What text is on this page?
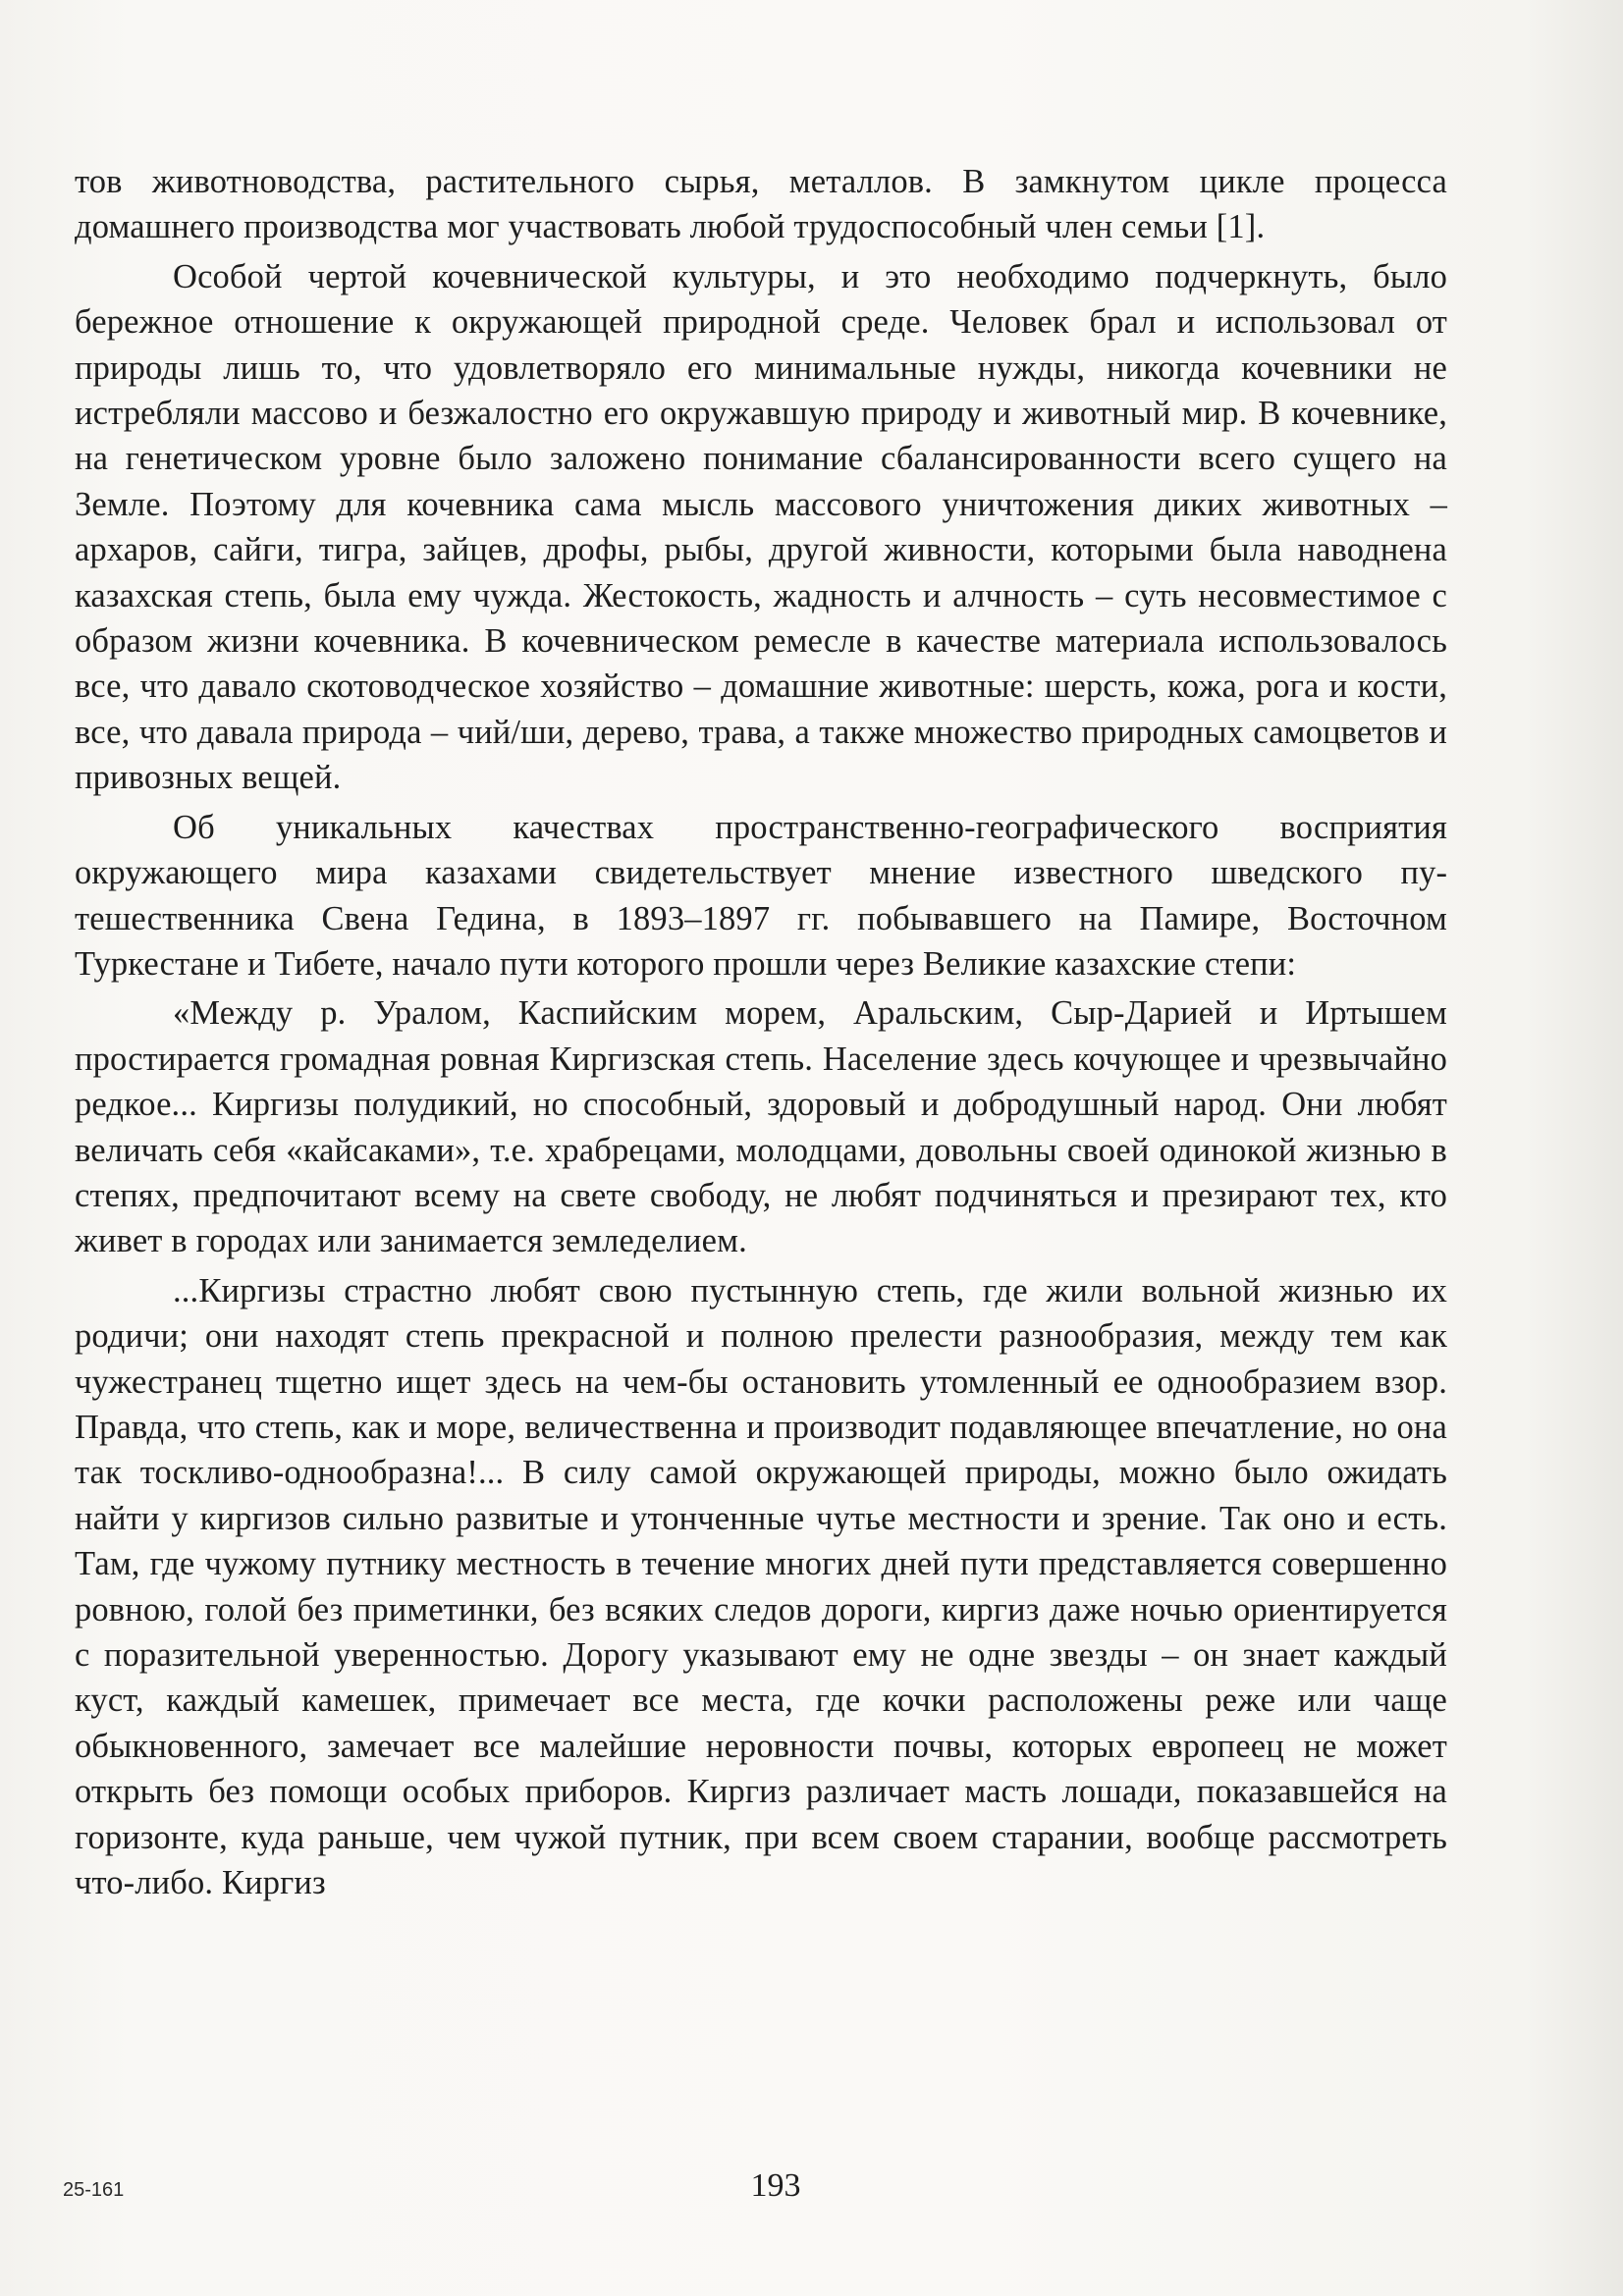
тов животноводства, растительного сырья, металлов. В замкнутом цикле процесса домашнего производства мог участвовать любой трудоспособный член семьи [1].

Особой чертой кочевнической культуры, и это необходимо подчеркнуть, было бережное отношение к окружающей природной среде. Человек брал и использовал от природы лишь то, что удовлетворяло его минимальные нужды, никогда кочевники не истребляли массово и безжалостно его окружавшую природу и животный мир. В кочевнике, на генетическом уровне было заложено понимание сбалансированности всего сущего на Земле. Поэтому для кочевника сама мысль массового уничтожения диких животных – архаров, сайги, тигра, зайцев, дрофы, рыбы, другой живности, которыми была наводнена казахская степь, была ему чужда. Жестокость, жадность и алчность – суть несовместимое с образом жизни кочевника. В кочевническом ремесле в качестве материала использовалось все, что давало скотоводческое хозяйство – домашние животные: шерсть, кожа, рога и кости, все, что давала природа – чий/ши, дерево, трава, а также множество природных самоцветов и привозных вещей.

Об уникальных качествах пространственно-географического восприятия окружающего мира казахами свидетельствует мнение известного шведского путешественника Свена Гедина, в 1893–1897 гг. побывавшего на Памире, Восточном Туркестане и Тибете, начало пути которого прошли через Великие казахские степи:

«Между р. Уралом, Каспийским морем, Аральским, Сыр-Дарией и Иртышем простирается громадная ровная Киргизская степь. Население здесь кочующее и чрезвычайно редкое... Киргизы полудикий, но способный, здоровый и добродушный народ. Они любят величать себя «кайсаками», т.е. храбрецами, молодцами, довольны своей одинокой жизнью в степях, предпочитают всему на свете свободу, не любят подчиняться и презирают тех, кто живет в городах или занимается земледелием.

...Киргизы страстно любят свою пустынную степь, где жили вольной жизнью их родичи; они находят степь прекрасной и полною прелести разнообразия, между тем как чужестранец тщетно ищет здесь на чем-бы остановить утомленный ее однообразием взор. Правда, что степь, как и море, величественна и производит подавляющее впечатление, но она так тоскливо-однообразна!... В силу самой окружающей природы, можно было ожидать найти у киргизов сильно развитые и утонченные чутье местности и зрение. Так оно и есть. Там, где чужому путнику местность в течение многих дней пути представляется совершенно ровною, голой без приметинки, без всяких следов дороги, киргиз даже ночью ориентируется с поразительной уверенностью. Дорогу указывают ему не одне звезды – он знает каждый куст, каждый камешек, примечает все места, где кочки расположены реже или чаще обыкновенного, замечает все малейшие неровности почвы, которых европеец не может открыть без помощи особых приборов. Киргиз различает масть лошади, показавшейся на горизонте, куда раньше, чем чужой путник, при всем своем старании, вообще рассмотреть что-либо. Киргиз

25-161	193
